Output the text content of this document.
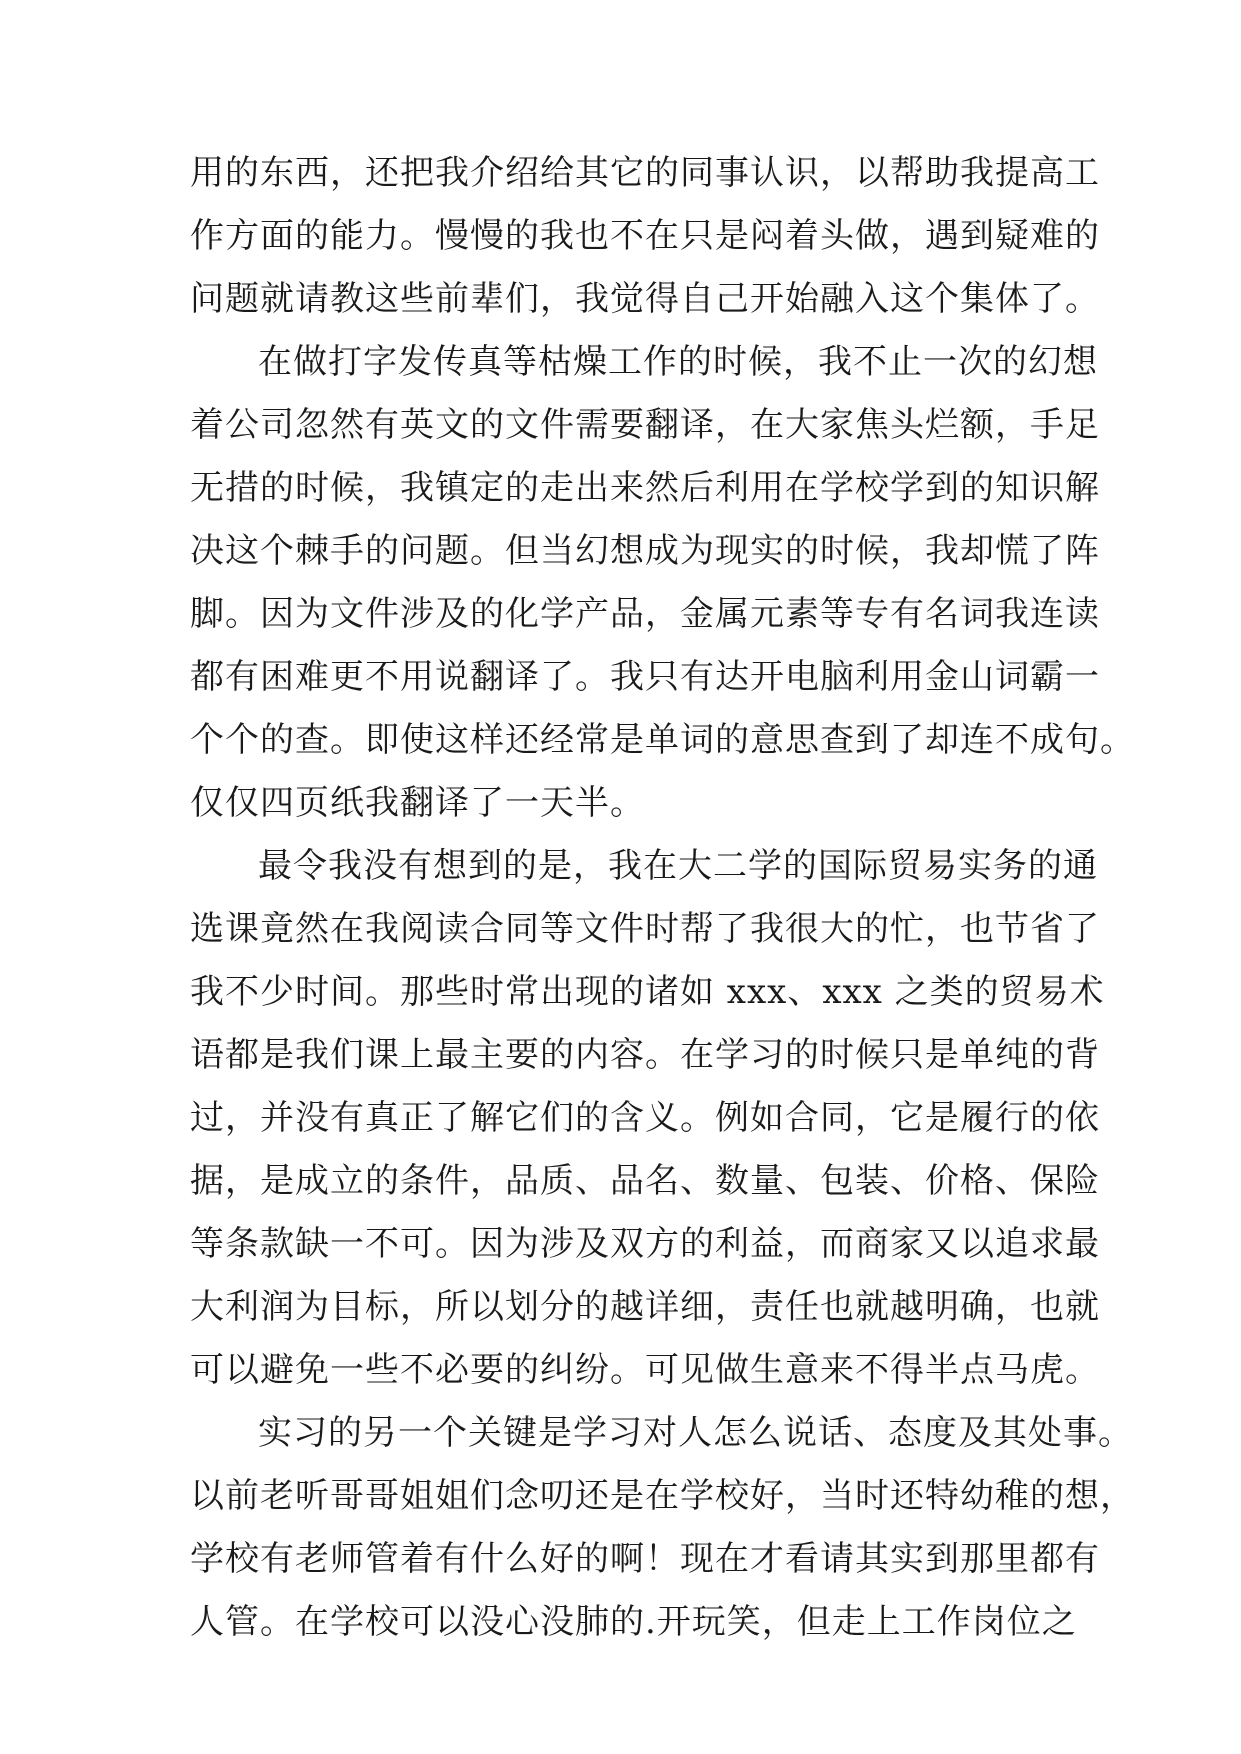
用的东西，还把我介绍给其它的同事认识，以帮助我提高工
作方面的能力。慢慢的我也不在只是闷着头做，遇到疑难的
问题就请教这些前辈们，我觉得自己开始融入这个集体了。
在做打字发传真等枯燥工作的时候，我不止一次的幻想
着公司忽然有英文的文件需要翻译，在大家焦头烂额，手足
无措的时候，我镇定的走出来然后利用在学校学到的知识解
决这个棘手的问题。但当幻想成为现实的时候，我却慌了阵
脚。因为文件涉及的化学产品，金属元素等专有名词我连读
都有困难更不用说翻译了。我只有达开电脑利用金山词霸一
个个的查。即使这样还经常是单词的意思查到了却连不成句。
仅仅四页纸我翻译了一天半。
最令我没有想到的是，我在大二学的国际贸易实务的通
选课竟然在我阅读合同等文件时帮了我很大的忙，也节省了
我不少时间。那些时常出现的诸如 xxx、xxx 之类的贸易术
语都是我们课上最主要的内容。在学习的时候只是单纯的背
过，并没有真正了解它们的含义。例如合同，它是履行的依
据，是成立的条件，品质、品名、数量、包装、价格、保险
等条款缺一不可。因为涉及双方的利益，而商家又以追求最
大利润为目标，所以划分的越详细，责任也就越明确，也就
可以避免一些不必要的纠纷。可见做生意来不得半点马虎。
实习的另一个关键是学习对人怎么说话、态度及其处事。
以前老听哥哥姐姐们念叨还是在学校好，当时还特幼稚的想，
学校有老师管着有什么好的啊！现在才看请其实到那里都有
人管。在学校可以没心没肺的.开玩笑，但走上工作岗位之
